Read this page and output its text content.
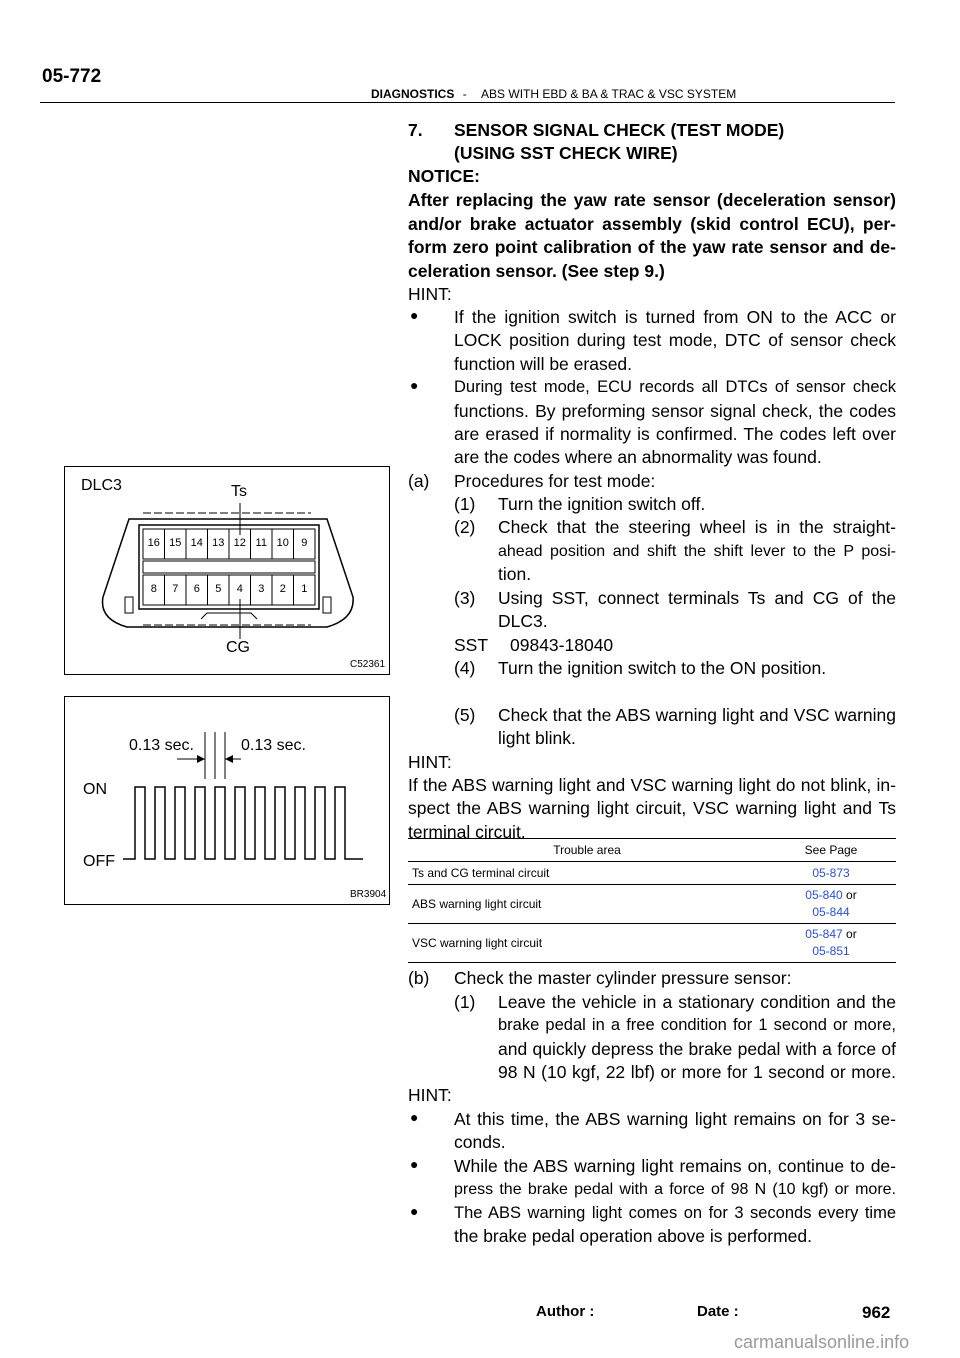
05-772
DIAGNOSTICS - ABS WITH EBD & BA & TRAC & VSC SYSTEM
7. SENSOR SIGNAL CHECK (TEST MODE)
(USING SST CHECK WIRE)
NOTICE:
After replacing the yaw rate sensor (deceleration sensor)
and/or brake actuator assembly (skid control ECU), per-
form zero point calibration of the yaw rate sensor and de-
celeration sensor. (See step 9.)
HINT:
● If the ignition switch is turned from ON to the ACC or
LOCK position during test mode, DTC of sensor check
function will be erased.
● During test mode, ECU records all DTCs of sensor check
functions. By preforming sensor signal check, the codes
are erased if normality is confirmed. The codes left over
are the codes where an abnormality was found.
(a) Procedures for test mode:
(1) Turn the ignition switch off.
(2) Check that the steering wheel is in the straight-
ahead position and shift the shift lever to the P posi-
tion.
(3) Using SST, connect terminals Ts and CG of the
DLC3.
SST 09843-18040
(4) Turn the ignition switch to the ON position.
(5) Check that the ABS warning light and VSC warning
light blink.
HINT:
If the ABS warning light and VSC warning light do not blink, in-
spect the ABS warning light circuit, VSC warning light and Ts
terminal circuit.
Trouble area	See Page
Ts and CG terminal circuit	05-873
ABS warning light circuit	05-840 or
05-844
VSC warning light circuit	05-847 or
05-851
(b) Check the master cylinder pressure sensor:
(1) Leave the vehicle in a stationary condition and the
brake pedal in a free condition for 1 second or more,
and quickly depress the brake pedal with a force of
98 N (10 kgf, 22 lbf) or more for 1 second or more.
HINT:
● At this time, the ABS warning light remains on for 3 se-
conds.
● While the ABS warning light remains on, continue to de-
press the brake pedal with a force of 98 N (10 kgf) or more.
● The ABS warning light comes on for 3 seconds every time
the brake pedal operation above is performed.
DLC3	Ts
CG
C52361
16 15 14 13 12 11 10	9
8	7	6	5	4	3	2	1
0.13 sec.	0.13 sec.
ON
OFF
BR3904
Author :	Date :	962
carmanualsonline.info
